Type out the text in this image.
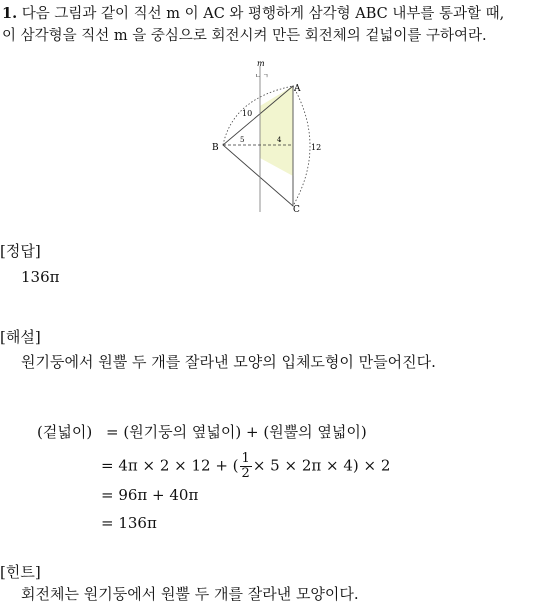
1. 다음 그림과 같이 직선 m 이 AC 와 평행하게 삼각형 ABC 내부를 통과할 때,
이 삼각형을 직선 m 을 중심으로 회전시켜 만든 회전체의 겉넓이를 구하여라.
m
ㄴ ㄱ
A
B
C
10
12
4
5
[정답]
136π
[해설]
원기둥에서 원뿔 두 개를 잘라낸 모양의 입체도형이 만들어진다.
(겉넓이) = (원기둥의 옆넓이) + (원뿔의 옆넓이)
= 4π × 2 × 12 + ( $\frac{1}{2} \times 5 \times 2\pi \times 4) \times 2$
= 96π + 40π
= 136π
[힌트]
회전체는 원기둥에서 원뿔 두 개를 잘라낸 모양이다.
